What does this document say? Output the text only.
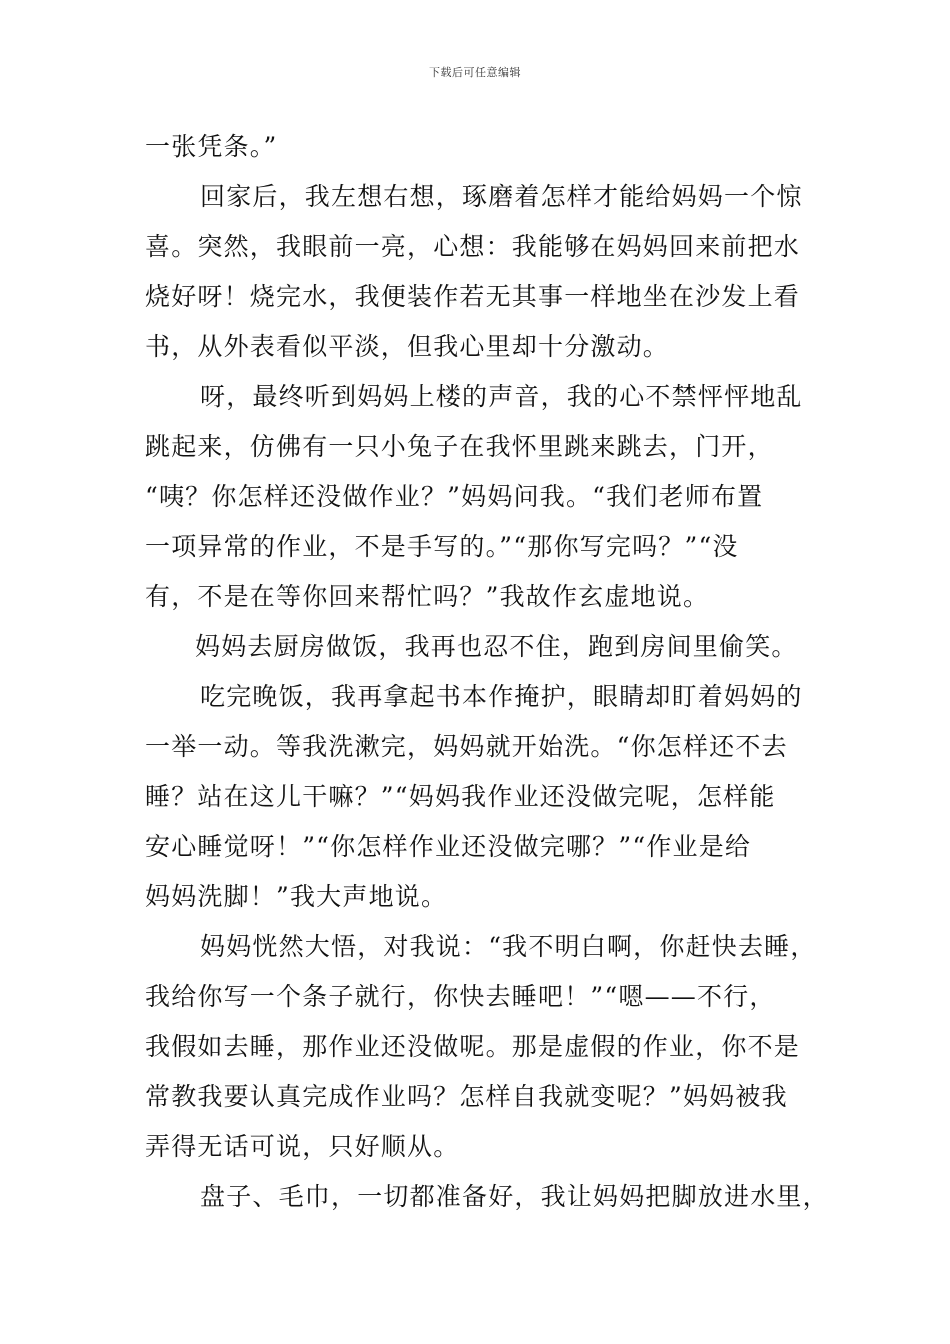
下载后可任意编辑
一张凭条。”
回家后，我左想右想，琢磨着怎样才能给妈妈一个惊
喜。突然，我眼前一亮，心想：我能够在妈妈回来前把水
烧好呀！烧完水，我便装作若无其事一样地坐在沙发上看
书，从外表看似平淡，但我心里却十分激动。
呀，最终听到妈妈上楼的声音，我的心不禁怦怦地乱
跳起来，仿佛有一只小兔子在我怀里跳来跳去，门开，
“咦？你怎样还没做作业？”妈妈问我。“我们老师布置
一项异常的作业，不是手写的。”“那你写完吗？”“没
有，不是在等你回来帮忙吗？”我故作玄虚地说。
妈妈去厨房做饭，我再也忍不住，跑到房间里偷笑。
吃完晚饭，我再拿起书本作掩护，眼睛却盯着妈妈的
一举一动。等我洗漱完，妈妈就开始洗。“你怎样还不去
睡？站在这儿干嘛？”“妈妈我作业还没做完呢，怎样能
安心睡觉呀！”“你怎样作业还没做完哪？”“作业是给
妈妈洗脚！”我大声地说。
妈妈恍然大悟，对我说：“我不明白啊，你赶快去睡，
我给你写一个条子就行，你快去睡吧！”“嗯——不行，
我假如去睡，那作业还没做呢。那是虚假的作业，你不是
常教我要认真完成作业吗？怎样自我就变呢？”妈妈被我
弄得无话可说，只好顺从。
盘子、毛巾，一切都准备好，我让妈妈把脚放进水里，
